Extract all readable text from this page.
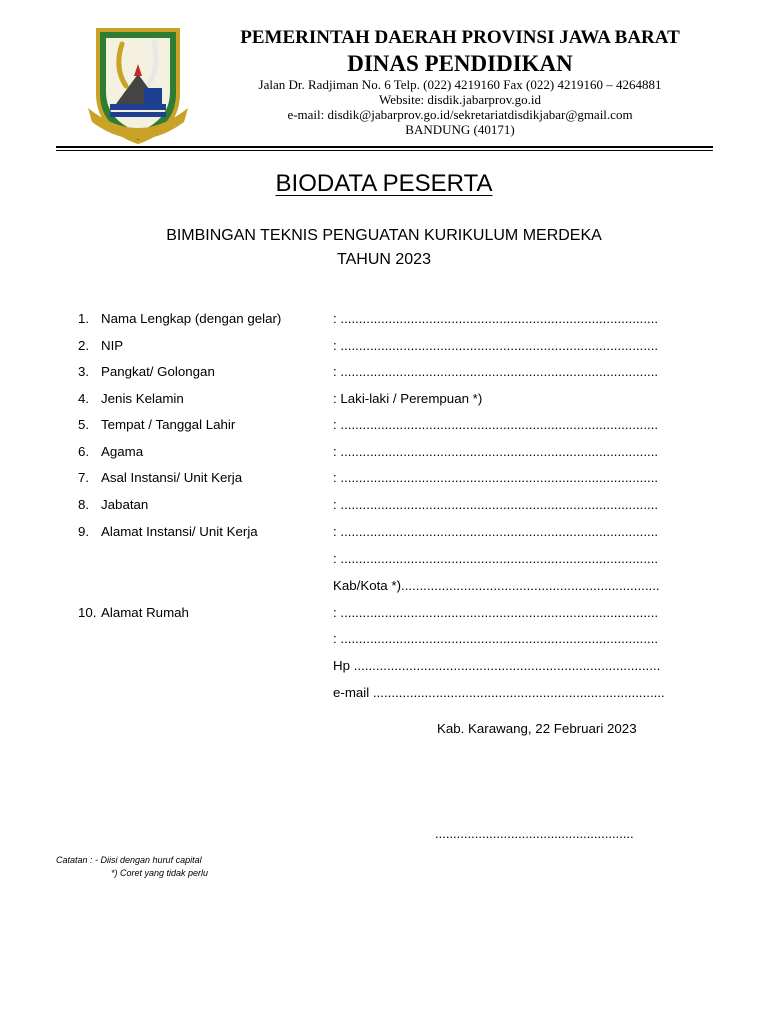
PEMERINTAH DAERAH PROVINSI JAWA BARAT
DINAS PENDIDIKAN
Jalan Dr. Radjiman No. 6 Telp. (022) 4219160 Fax (022) 4219160 – 4264881
Website: disdik.jabarprov.go.id
e-mail: disdik@jabarprov.go.id/sekretariatdisdikjabar@gmail.com
BANDUNG (40171)
BIODATA PESERTA
BIMBINGAN TEKNIS PENGUATAN KURIKULUM MERDEKA
TAHUN 2023
1. Nama Lengkap (dengan gelar)	: ......................................................................................
2. NIP	: ......................................................................................
3. Pangkat/ Golongan	: ......................................................................................
4. Jenis Kelamin	: Laki-laki / Perempuan *)
5. Tempat / Tanggal Lahir	: ......................................................................................
6. Agama	: ......................................................................................
7. Asal Instansi/ Unit Kerja	: ......................................................................................
8. Jabatan	: ......................................................................................
9. Alamat Instansi/ Unit Kerja	: ......................................................................................
: ......................................................................................
Kab/Kota *)......................................................................
10. Alamat Rumah	: ......................................................................................
: ......................................................................................
Hp ...................................................................................
e-mail ...............................................................................
Kab. Karawang, 22 Februari 2023
.......................................................
Catatan : - Diisi dengan huruf capital
*) Coret yang tidak perlu
